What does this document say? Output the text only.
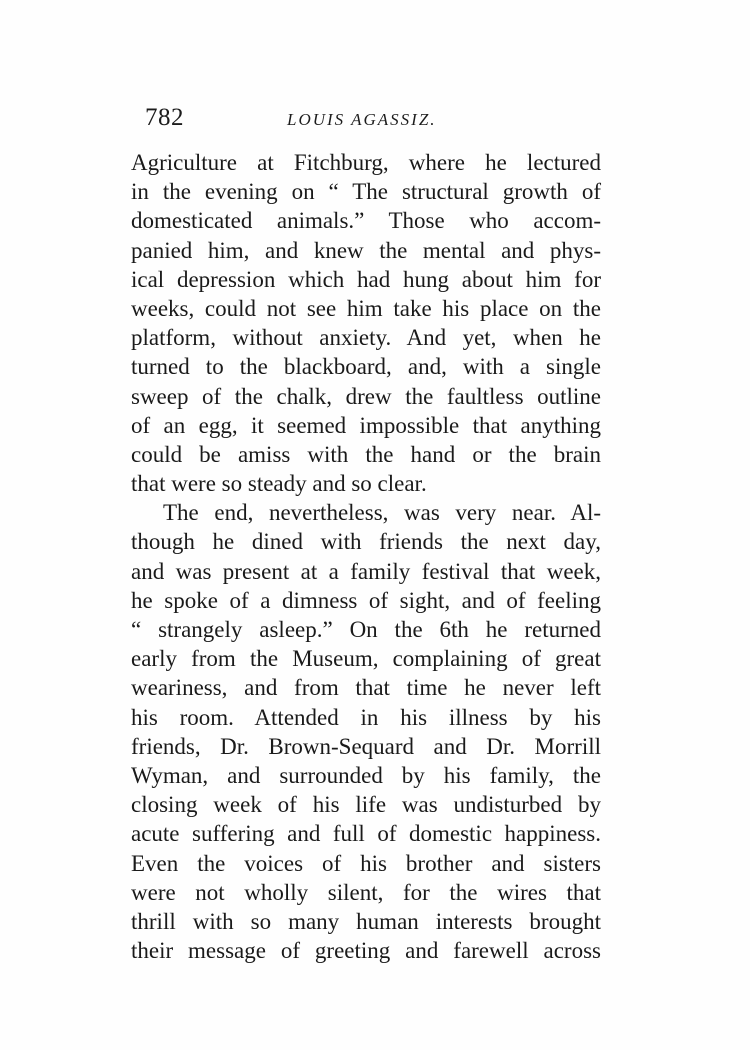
782	LOUIS AGASSIZ.
Agriculture at Fitchburg, where he lectured
in the evening on “ The structural growth of
domesticated animals.” Those who accom-
panied him, and knew the mental and phys-
ical depression which had hung about him for
weeks, could not see him take his place on the
platform, without anxiety. And yet, when he
turned to the blackboard, and, with a single
sweep of the chalk, drew the faultless outline
of an egg, it seemed impossible that anything
could be amiss with the hand or the brain
that were so steady and so clear.
The end, nevertheless, was very near. Al-
though he dined with friends the next day,
and was present at a family festival that week,
he spoke of a dimness of sight, and of feeling
“ strangely asleep.” On the 6th he returned
early from the Museum, complaining of great
weariness, and from that time he never left
his room. Attended in his illness by his
friends, Dr. Brown-Sequard and Dr. Morrill
Wyman, and surrounded by his family, the
closing week of his life was undisturbed by
acute suffering and full of domestic happiness.
Even the voices of his brother and sisters
were not wholly silent, for the wires that
thrill with so many human interests brought
their message of greeting and farewell across
